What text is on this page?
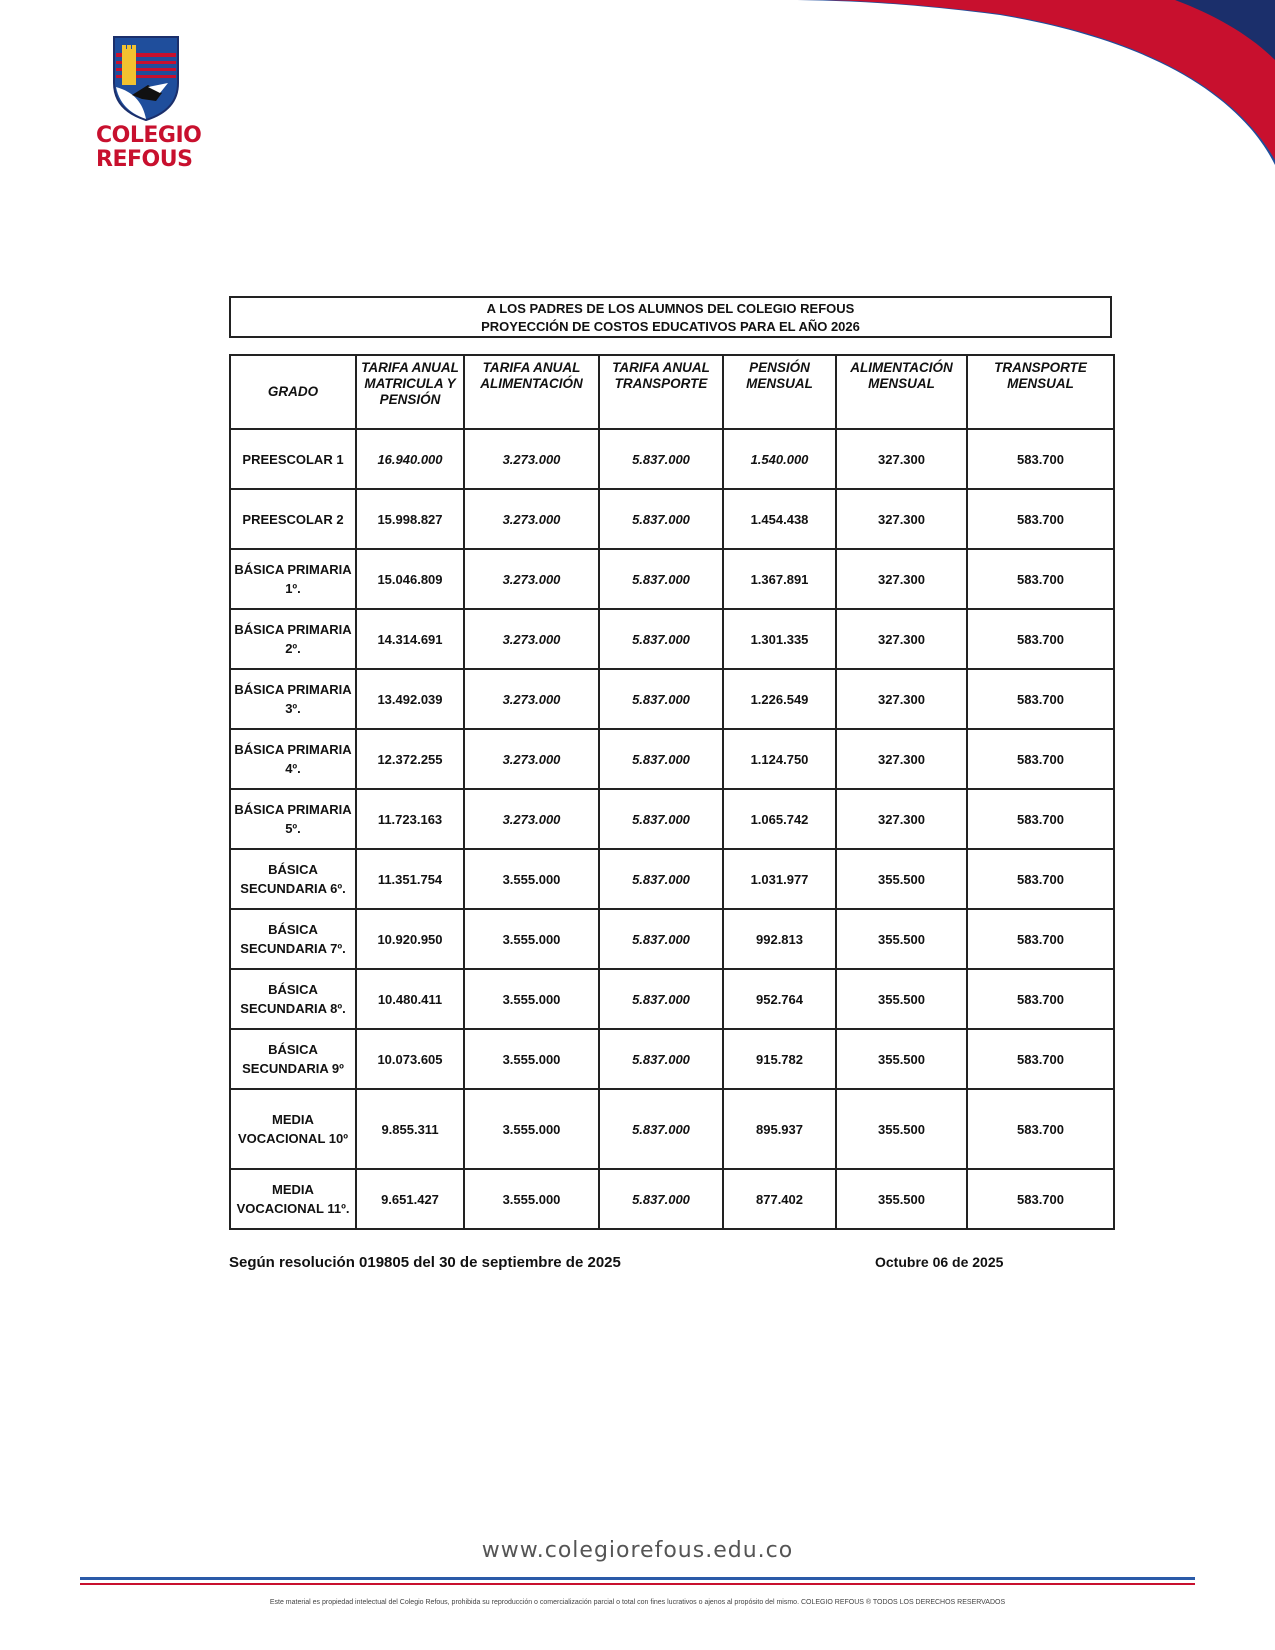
COLEGIO
REFOUS
A LOS PADRES DE LOS ALUMNOS DEL COLEGIO REFOUS
PROYECCIÓN DE COSTOS EDUCATIVOS PARA EL AÑO 2026
GRADO	TARIFA ANUAL MATRICULA Y PENSIÓN	TARIFA ANUAL ALIMENTACIÓN	TARIFA ANUAL TRANSPORTE	PENSIÓN MENSUAL	ALIMENTACIÓN MENSUAL	TRANSPORTE MENSUAL
PREESCOLAR 1	16.940.000	3.273.000	5.837.000	1.540.000	327.300	583.700
PREESCOLAR 2	15.998.827	3.273.000	5.837.000	1.454.438	327.300	583.700
BÁSICA PRIMARIA 1º.	15.046.809	3.273.000	5.837.000	1.367.891	327.300	583.700
BÁSICA PRIMARIA 2º.	14.314.691	3.273.000	5.837.000	1.301.335	327.300	583.700
BÁSICA PRIMARIA 3º.	13.492.039	3.273.000	5.837.000	1.226.549	327.300	583.700
BÁSICA PRIMARIA 4º.	12.372.255	3.273.000	5.837.000	1.124.750	327.300	583.700
BÁSICA PRIMARIA 5º.	11.723.163	3.273.000	5.837.000	1.065.742	327.300	583.700
BÁSICA SECUNDARIA 6º.	11.351.754	3.555.000	5.837.000	1.031.977	355.500	583.700
BÁSICA SECUNDARIA 7º.	10.920.950	3.555.000	5.837.000	992.813	355.500	583.700
BÁSICA SECUNDARIA 8º.	10.480.411	3.555.000	5.837.000	952.764	355.500	583.700
BÁSICA SECUNDARIA 9º	10.073.605	3.555.000	5.837.000	915.782	355.500	583.700
MEDIA VOCACIONAL 10º	9.855.311	3.555.000	5.837.000	895.937	355.500	583.700
MEDIA VOCACIONAL 11º.	9.651.427	3.555.000	5.837.000	877.402	355.500	583.700
Según resolución 019805 del 30 de septiembre de 2025	Octubre 06 de 2025
www.colegiorefous.edu.co
Este material es propiedad intelectual del Colegio Refous, prohibida su reproducción o comercialización parcial o total con fines lucrativos o ajenos al propósito del mismo. COLEGIO REFOUS ® TODOS LOS DERECHOS RESERVADOS
